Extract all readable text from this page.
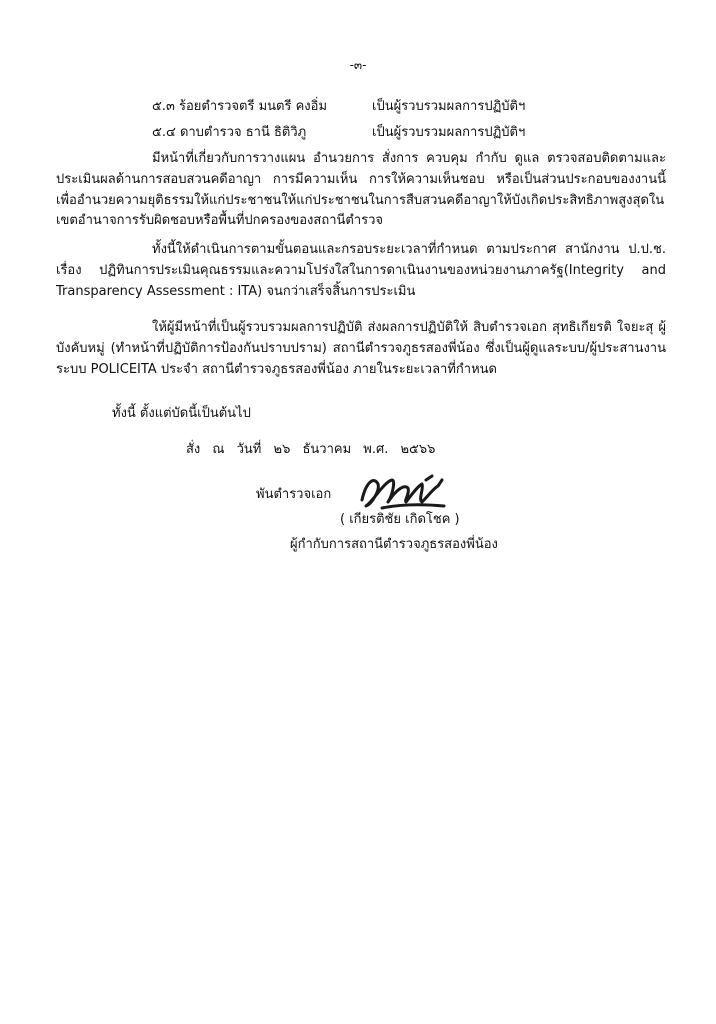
-๓-
๕.๓ ร้อยตำรวจตรี มนตรี คงอิ่ม	เป็นผู้รวบรวมผลการปฏิบัติฯ
๕.๔ ดาบตำรวจ ธานี ธิติวิภู	เป็นผู้รวบรวมผลการปฏิบัติฯ
มีหน้าที่เกี่ยวกับการวางแผน อำนวยการ สั่งการ ควบคุม กำกับ ดูแล ตรวจสอบติดตามและประเมินผลด้านการสอบสวนคดีอาญา การมีความเห็น การให้ความเห็นชอบ หรือเป็นส่วนประกอบของงานนี้ เพื่ออำนวยความยุติธรรมให้แก่ประชาชนให้แก่ประชาชนในการสืบสวนคดีอาญาให้บังเกิดประสิทธิภาพสูงสุดในเขตอำนาจการรับผิดชอบหรือพื้นที่ปกครองของสถานีตำรวจ
ทั้งนี้ให้ดำเนินการตามขั้นตอนและกรอบระยะเวลาที่กำหนด ตามประกาศ สานักงาน ป.ป.ช. เรื่อง ปฏิทินการประเมินคุณธรรมและความโปร่งใสในการดาเนินงานของหน่วยงานภาครัฐ(Integrity and Transparency Assessment : ITA) จนกว่าเสร็จสิ้นการประเมิน
ให้ผู้มีหน้าที่เป็นผู้รวบรวมผลการปฏิบัติ ส่งผลการปฏิบัติให้ สิบตำรวจเอก สุทธิเกียรติ ใจยะสุ ผู้บังคับหมู่ (ทำหน้าที่ปฏิบัติการป้องกันปราบปราม) สถานีตำรวจภูธรสองพี่น้อง ซึ่งเป็นผู้ดูแลระบบ/ผู้ประสานงาน ระบบ POLICEITA ประจำ สถานีตำรวจภูธรสองพี่น้อง ภายในระยะเวลาที่กำหนด
ทั้งนี้ ตั้งแต่บัดนี้เป็นต้นไป
สั่ง ณ วันที่ ๒๖ ธันวาคม พ.ศ. ๒๕๖๖
พันตำรวจเอก
( เกียรติชัย เกิดโชค )
ผู้กำกับการสถานีตำรวจภูธรสองพี่น้อง
